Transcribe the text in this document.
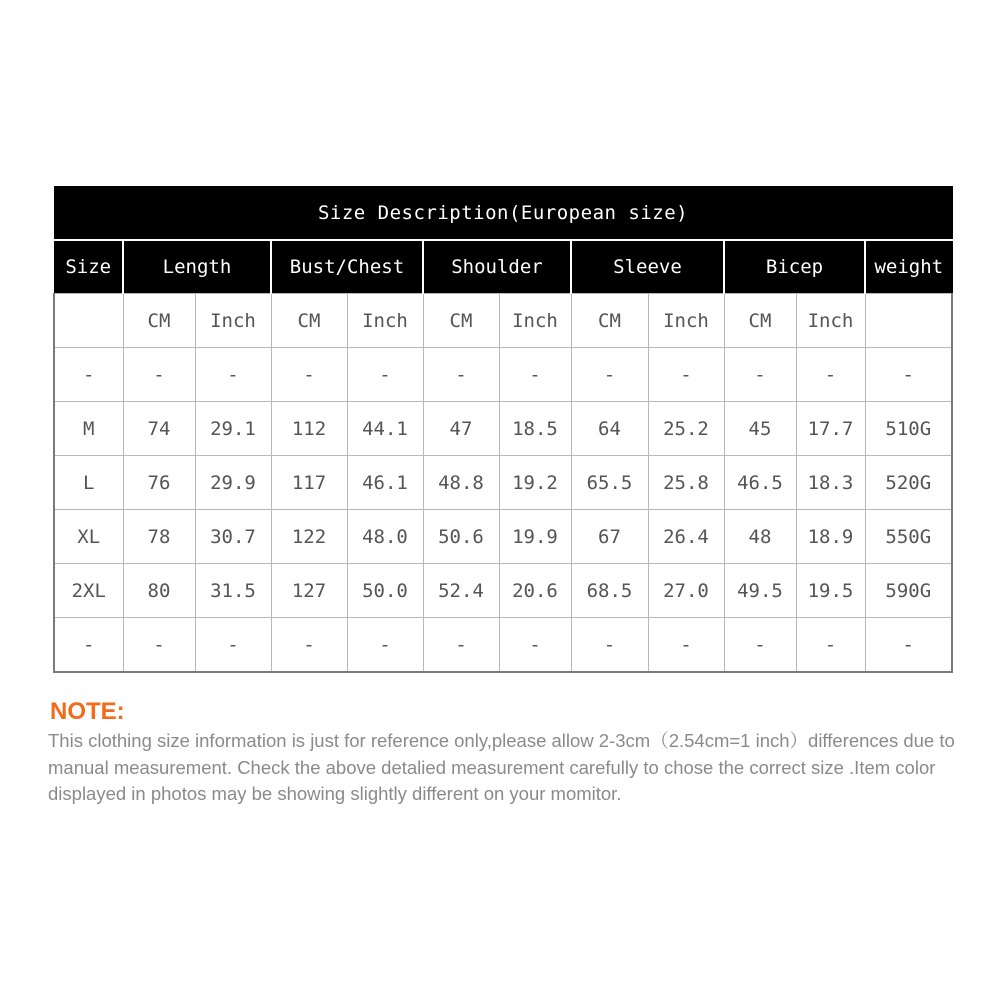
Size Description(European size)											
Size	Length		Bust/Chest		Shoulder		Sleeve		Bicep		weight
	CM	Inch	CM	Inch	CM	Inch	CM	Inch	CM	Inch	
-	-	-	-	-	-	-	-	-	-	-	-
M	74	29.1	112	44.1	47	18.5	64	25.2	45	17.7	510G
L	76	29.9	117	46.1	48.8	19.2	65.5	25.8	46.5	18.3	520G
XL	78	30.7	122	48.0	50.6	19.9	67	26.4	48	18.9	550G
2XL	80	31.5	127	50.0	52.4	20.6	68.5	27.0	49.5	19.5	590G
-	-	-	-	-	-	-	-	-	-	-	-
NOTE:

This clothing size information is just for reference only,please allow 2-3cm（2.54cm=1 inch）differences due to manual measurement. Check the above detalied measurement carefully to chose the correct size .Item color displayed in photos may be showing slightly different on your momitor.
